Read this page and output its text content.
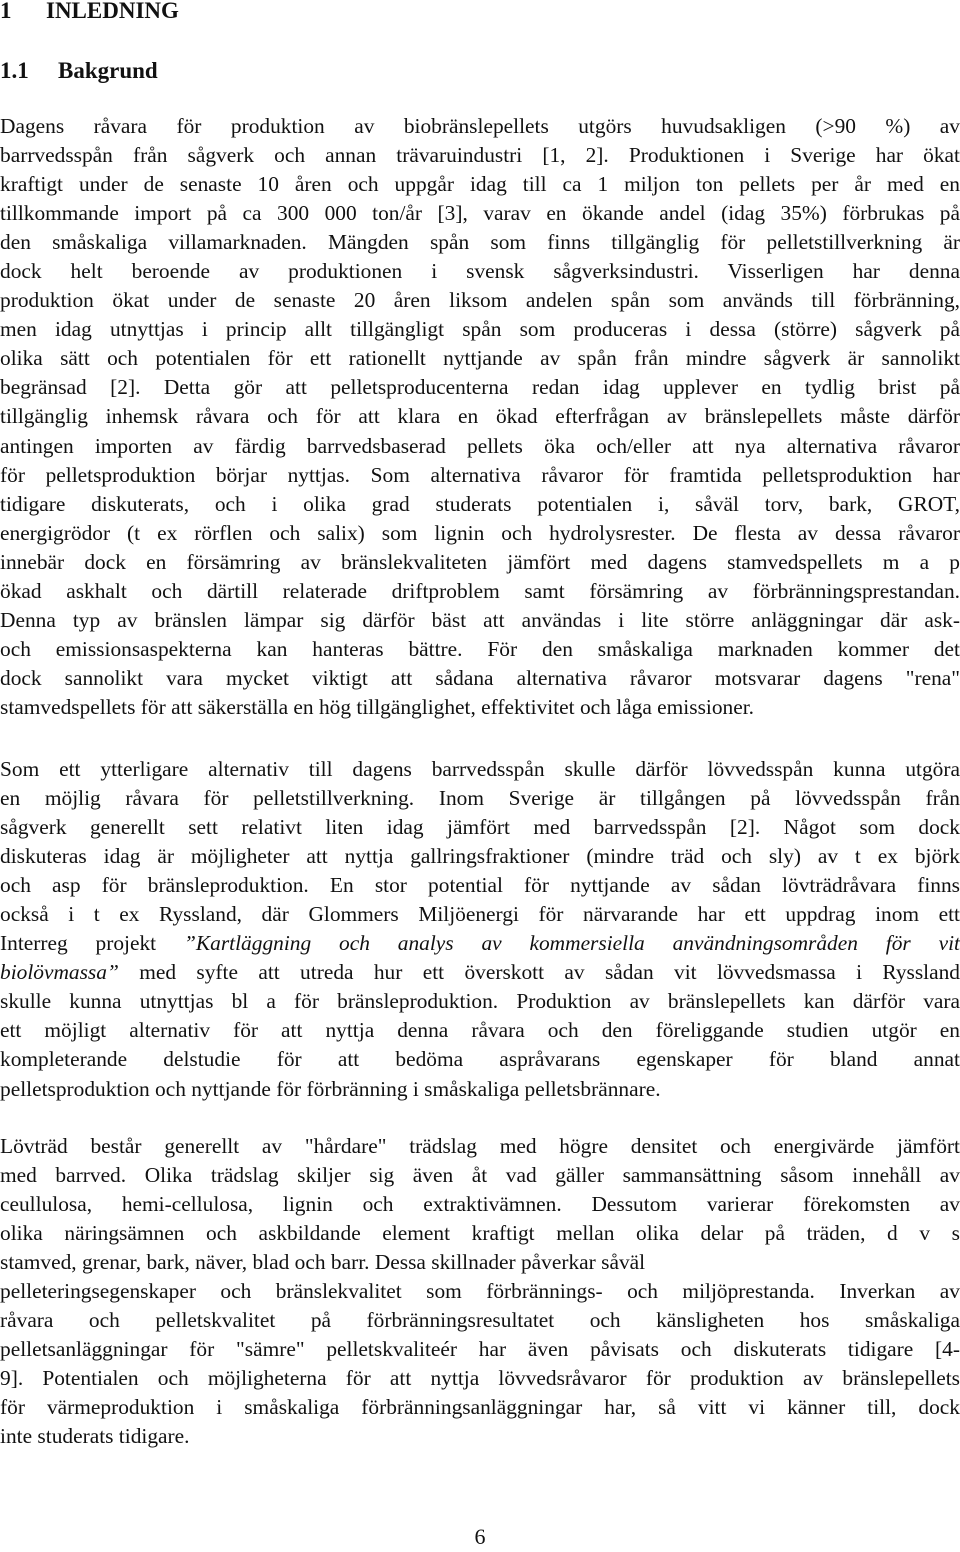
1 INLEDNING
1.1 Bakgrund
Dagens råvara för produktion av biobränslepellets utgörs huvudsakligen (>90 %) av
barrvedsspån från sågverk och annan trävaruindustri [1, 2]. Produktionen i Sverige har ökat
kraftigt under de senaste 10 åren och uppgår idag till ca 1 miljon ton pellets per år med en
tillkommande import på ca 300 000 ton/år [3], varav en ökande andel (idag 35%) förbrukas på
den småskaliga villamarknaden. Mängden spån som finns tillgänglig för pelletstillverkning är
dock helt beroende av produktionen i svensk sågverksindustri. Visserligen har denna
produktion ökat under de senaste 20 åren liksom andelen spån som används till förbränning,
men idag utnyttjas i princip allt tillgängligt spån som produceras i dessa (större) sågverk på
olika sätt och potentialen för ett rationellt nyttjande av spån från mindre sågverk är sannolikt
begränsad [2]. Detta gör att pelletsproducenterna redan idag upplever en tydlig brist på
tillgänglig inhemsk råvara och för att klara en ökad efterfrågan av bränslepellets måste därför
antingen importen av färdig barrvedsbaserad pellets öka och/eller att nya alternativa råvaror
för pelletsproduktion börjar nyttjas. Som alternativa råvaror för framtida pelletsproduktion har
tidigare diskuterats, och i olika grad studerats potentialen i, såväl torv, bark, GROT,
energigrödor (t ex rörflen och salix) som lignin och hydrolysrester. De flesta av dessa råvaror
innebär dock en försämring av bränslekvaliteten jämfört med dagens stamvedspellets m a p
ökad askhalt och därtill relaterade driftproblem samt försämring av förbränningsprestandan.
Denna typ av bränslen lämpar sig därför bäst att användas i lite större anläggningar där ask-
och emissionsaspekterna kan hanteras bättre. För den småskaliga marknaden kommer det
dock sannolikt vara mycket viktigt att sådana alternativa råvaror motsvarar dagens "rena"
stamvedspellets för att säkerställa en hög tillgänglighet, effektivitet och låga emissioner.
Som ett ytterligare alternativ till dagens barrvedsspån skulle därför lövvedsspån kunna utgöra
en möjlig råvara för pelletstillverkning. Inom Sverige är tillgången på lövvedsspån från
sågverk generellt sett relativt liten idag jämfört med barrvedsspån [2]. Något som dock
diskuteras idag är möjligheter att nyttja gallringsfraktioner (mindre träd och sly) av t ex björk
och asp för bränsleproduktion. En stor potential för nyttjande av sådan lövträdråvara finns
också i t ex Ryssland, där Glommers Miljöenergi för närvarande har ett uppdrag inom ett
Interreg projekt ”Kartläggning och analys av kommersiella användningsområden för vit
biolövmassa” med syfte att utreda hur ett överskott av sådan vit lövvedsmassa i Ryssland
skulle kunna utnyttjas bl a för bränsleproduktion. Produktion av bränslepellets kan därför vara
ett möjligt alternativ för att nyttja denna råvara och den föreliggande studien utgör en
kompleterande delstudie för att bedöma aspråvarans egenskaper för bland annat
pelletsproduktion och nyttjande för förbränning i småskaliga pelletsbrännare.
Lövträd består generellt av "hårdare" trädslag med högre densitet och energivärde jämfört
med barrved. Olika trädslag skiljer sig även åt vad gäller sammansättning såsom innehåll av
ceullulosa, hemi-cellulosa, lignin och extraktivämnen. Dessutom varierar förekomsten av
olika näringsämnen och askbildande element kraftigt mellan olika delar på träden, d v s
stamved, grenar, bark, näver, blad och barr. Dessa skillnader påverkar såväl
pelleteringsegenskaper och bränslekvalitet som förbrännings- och miljöprestanda. Inverkan av
råvara och pelletskvalitet på förbränningsresultatet och känsligheten hos småskaliga
pelletsanläggningar för "sämre" pelletskvaliteér har även påvisats och diskuterats tidigare [4-
9]. Potentialen och möjligheterna för att nyttja lövvedsråvaror för produktion av bränslepellets
för värmeproduktion i småskaliga förbränningsanläggningar har, så vitt vi känner till, dock
inte studerats tidigare.
6
